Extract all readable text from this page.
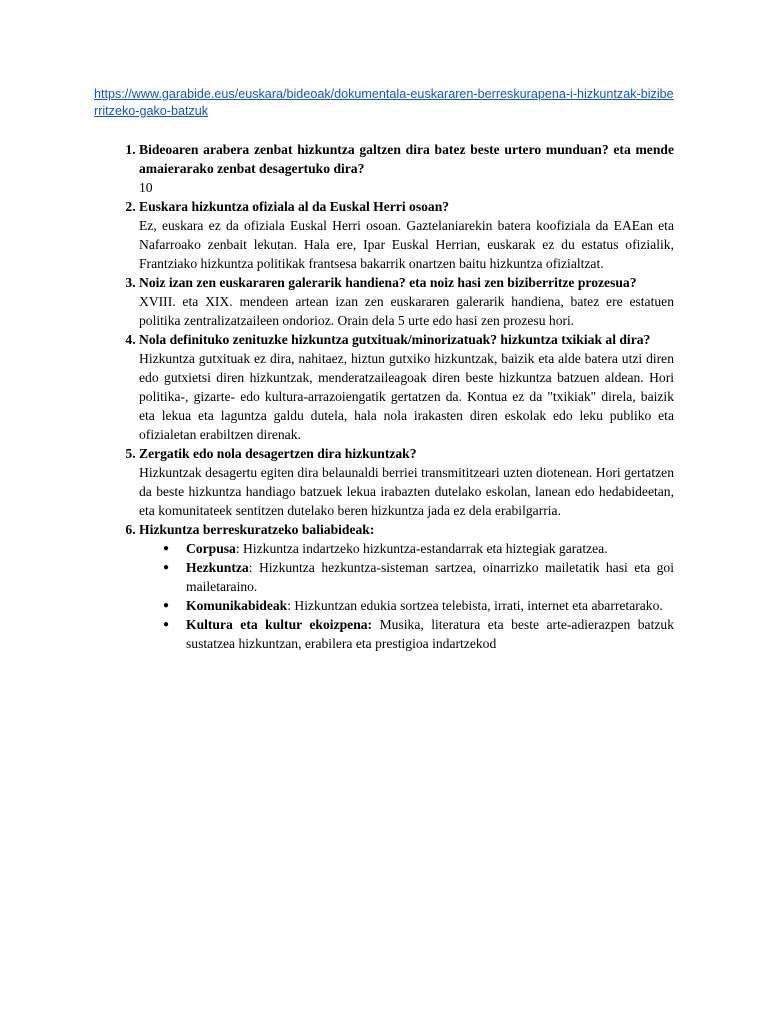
https://www.garabide.eus/euskara/bideoak/dokumentala-euskararen-berreskurapena-i-hizkuntzak-biziberritzeko-gako-batzuk
1. Bideoaren arabera zenbat hizkuntza galtzen dira batez beste urtero munduan? eta mende amaierarako zenbat desagertuko dira?
10
2. Euskara hizkuntza ofiziala al da Euskal Herri osoan?
Ez, euskara ez da ofiziala Euskal Herri osoan. Gaztelaniarekin batera koofiziala da EAEan eta Nafarroako zenbait lekutan. Hala ere, Ipar Euskal Herrian, euskarak ez du estatus ofizialik, Frantziako hizkuntza politikak frantsesa bakarrik onartzen baitu hizkuntza ofizialtzat.
3. Noiz izan zen euskararen galerarik handiena? eta noiz hasi zen biziberritze prozesua?
XVIII. eta XIX. mendeen artean izan zen euskararen galerarik handiena, batez ere estatuen politika zentralizatzaileen ondorioz. Orain dela 5 urte edo hasi zen prozesu hori.
4. Nola definituko zenituzke hizkuntza gutxituak/minorizatuak? hizkuntza txikiak al dira?
Hizkuntza gutxituak ez dira, nahitaez, hiztun gutxiko hizkuntzak, baizik eta alde batera utzi diren edo gutxietsi diren hizkuntzak, menderatzaileagoak diren beste hizkuntza batzuen aldean. Hori politika-, gizarte- edo kultura-arrazoiengatik gertatzen da. Kontua ez da "txikiak" direla, baizik eta lekua eta laguntza galdu dutela, hala nola irakasten diren eskolak edo leku publiko eta ofizialetan erabiltzen direnak.
5. Zergatik edo nola desagertzen dira hizkuntzak?
Hizkuntzak desagertu egiten dira belaunaldi berriei transmititzeari uzten diotenean. Hori gertatzen da beste hizkuntza handiago batzuek lekua irabazten dutelako eskolan, lanean edo hedabideetan, eta komunitateek sentitzen dutelako beren hizkuntza jada ez dela erabilgarria.
6. Hizkuntza berreskuratzeko baliabideak:
● Corpusa: Hizkuntza indartzeko hizkuntza-estandarrak eta hiztegiak garatzea.
● Hezkuntza: Hizkuntza hezkuntza-sisteman sartzea, oinarrizko mailetatik hasi eta goi mailetaraino.
● Komunikabideak: Hizkuntzan edukia sortzea telebista, irrati, internet eta abarretarako.
● Kultura eta kultur ekoizpena: Musika, literatura eta beste arte-adierazpen batzuk sustatzea hizkuntzan, erabilera eta prestigioa indartzekod
